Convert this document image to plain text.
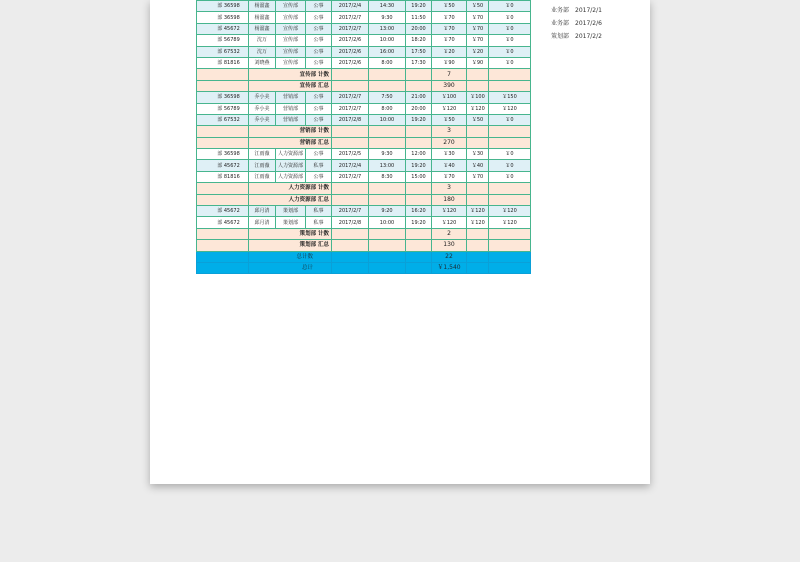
部 36598	杨溜鑫	宣传部	公事	2017/2/4	14:30	19:20	￥50	￥50	￥0
部 36598	杨溜鑫	宣传部	公事	2017/2/7	9:30	11:50	￥70	￥70	￥0
部 45672	杨溜鑫	宣传部	公事	2017/2/7	13:00	20:00	￥70	￥70	￥0
部 56789	沈万	宣传部	公事	2017/2/6	10:00	18:20	￥70	￥70	￥0
部 67532	沈万	宣传部	公事	2017/2/6	16:00	17:50	￥20	￥20	￥0
部 81816	刘晓燕	宣传部	公事	2017/2/6	8:00	17:30	￥90	￥90	￥0
	宣传部 计数						7		
	宣传部 汇总						390		
部 36598	乔小美	营销部	公事	2017/2/7	7:50	21:00	￥100	￥100	￥150
部 56789	乔小美	营销部	公事	2017/2/7	8:00	20:00	￥120	￥120	￥120
部 67532	乔小美	营销部	公事	2017/2/8	10:00	19:20	￥50	￥50	￥0
	营销部 计数						3		
	营销部 汇总						270		
部 36598	江雨薇	人力资源部	公事	2017/2/5	9:30	12:00	￥30	￥30	￥0
部 45672	江雨薇	人力资源部	私事	2017/2/4	13:00	19:20	￥40	￥40	￥0
部 81816	江雨薇	人力资源部	公事	2017/2/7	8:30	15:00	￥70	￥70	￥0
	人力资源部 计数						3		
	人力资源部 汇总						180		
部 45672	邱月清	策划部	私事	2017/2/7	9:20	16:20	￥120	￥120	￥120
部 45672	邱月清	策划部	私事	2017/2/8	10:00	19:20	￥120	￥120	￥120
	策划部 计数						2		
	策划部 汇总						130		
	总计数						22		
	总计						￥1,540		
业务部 2017/2/1
业务部 2017/2/6
策划部 2017/2/2
